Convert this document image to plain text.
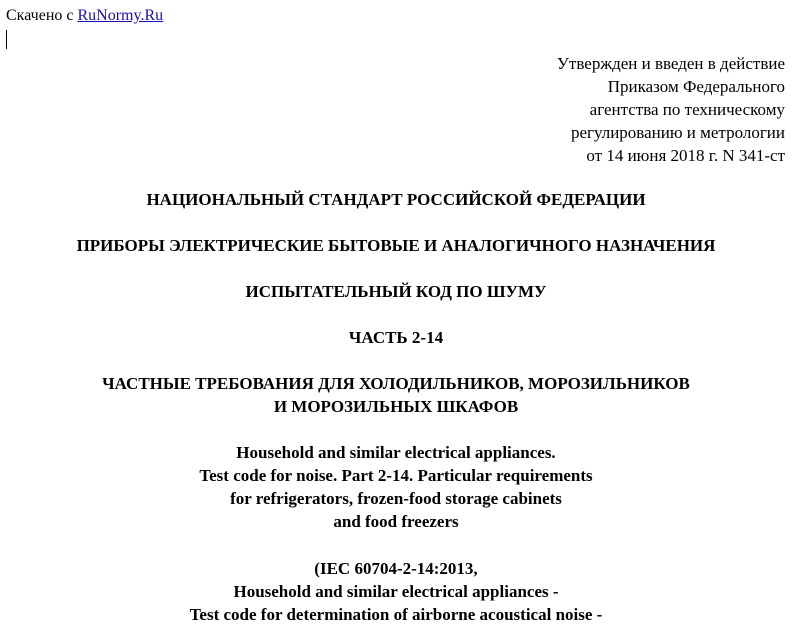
Скачено с RuNormy.Ru
Утвержден и введен в действие
Приказом Федерального
агентства по техническому
регулированию и метрологии
от 14 июня 2018 г. N 341-ст
НАЦИОНАЛЬНЫЙ СТАНДАРТ РОССИЙСКОЙ ФЕДЕРАЦИИ
ПРИБОРЫ ЭЛЕКТРИЧЕСКИЕ БЫТОВЫЕ И АНАЛОГИЧНОГО НАЗНАЧЕНИЯ
ИСПЫТАТЕЛЬНЫЙ КОД ПО ШУМУ
ЧАСТЬ 2-14
ЧАСТНЫЕ ТРЕБОВАНИЯ ДЛЯ ХОЛОДИЛЬНИКОВ, МОРОЗИЛЬНИКОВ
И МОРОЗИЛЬНЫХ ШКАФОВ
Household and similar electrical appliances.
Test code for noise. Part 2-14. Particular requirements
for refrigerators, frozen-food storage cabinets
and food freezers
(IEC 60704-2-14:2013,
Household and similar electrical appliances -
Test code for determination of airborne acoustical noise -
